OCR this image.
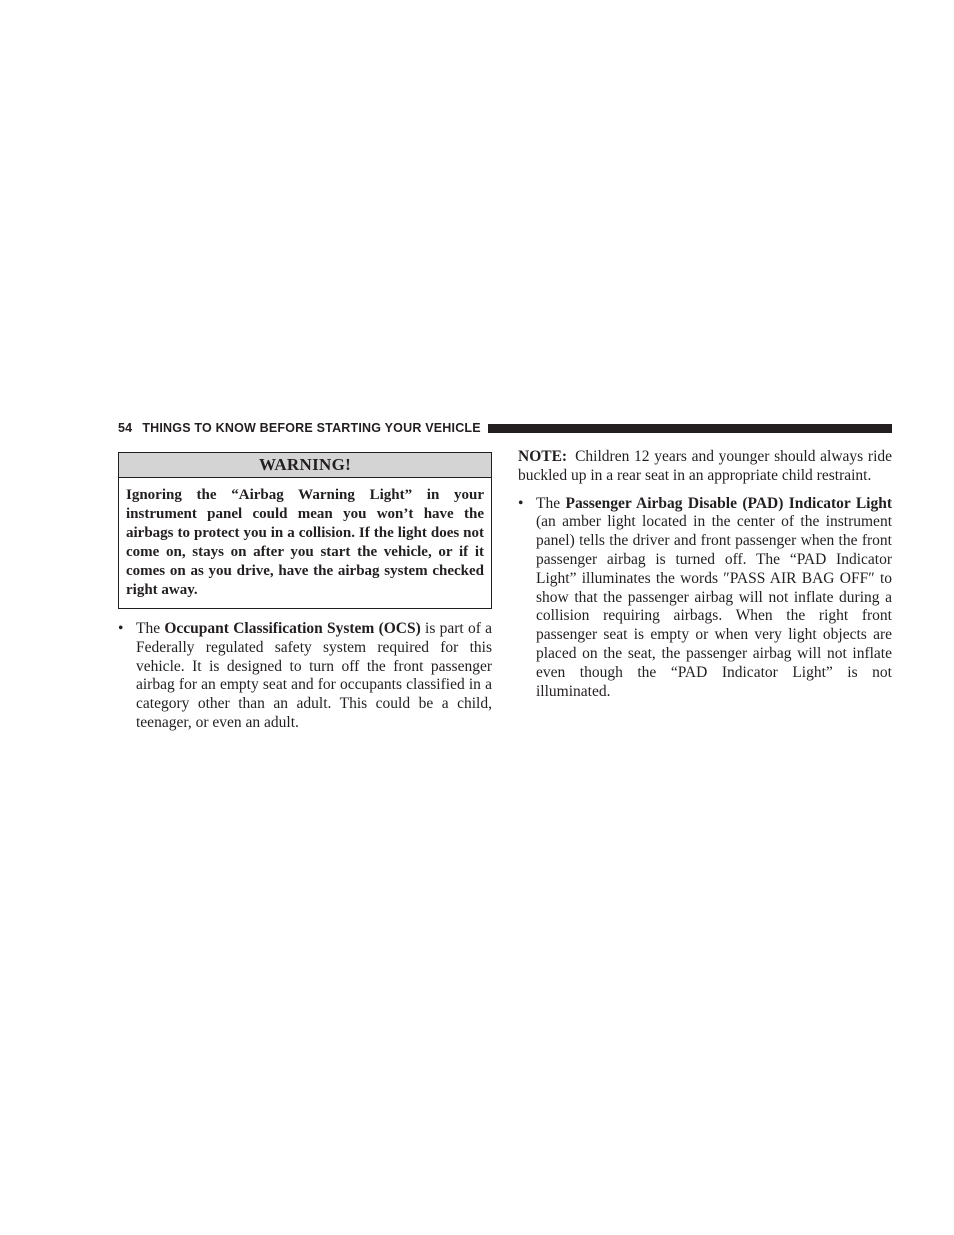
54 THINGS TO KNOW BEFORE STARTING YOUR VEHICLE
WARNING!
Ignoring the “Airbag Warning Light” in your instrument panel could mean you won’t have the airbags to protect you in a collision. If the light does not come on, stays on after you start the vehicle, or if it comes on as you drive, have the airbag system checked right away.
• The Occupant Classification System (OCS) is part of a Federally regulated safety system required for this vehicle. It is designed to turn off the front passenger airbag for an empty seat and for occupants classified in a category other than an adult. This could be a child, teenager, or even an adult.
NOTE: Children 12 years and younger should always ride buckled up in a rear seat in an appropriate child restraint.
• The Passenger Airbag Disable (PAD) Indicator Light (an amber light located in the center of the instrument panel) tells the driver and front passenger when the front passenger airbag is turned off. The “PAD Indicator Light” illuminates the words ″PASS AIR BAG OFF″ to show that the passenger airbag will not inflate during a collision requiring airbags. When the right front passenger seat is empty or when very light objects are placed on the seat, the passenger airbag will not inflate even though the “PAD Indicator Light” is not illuminated.
